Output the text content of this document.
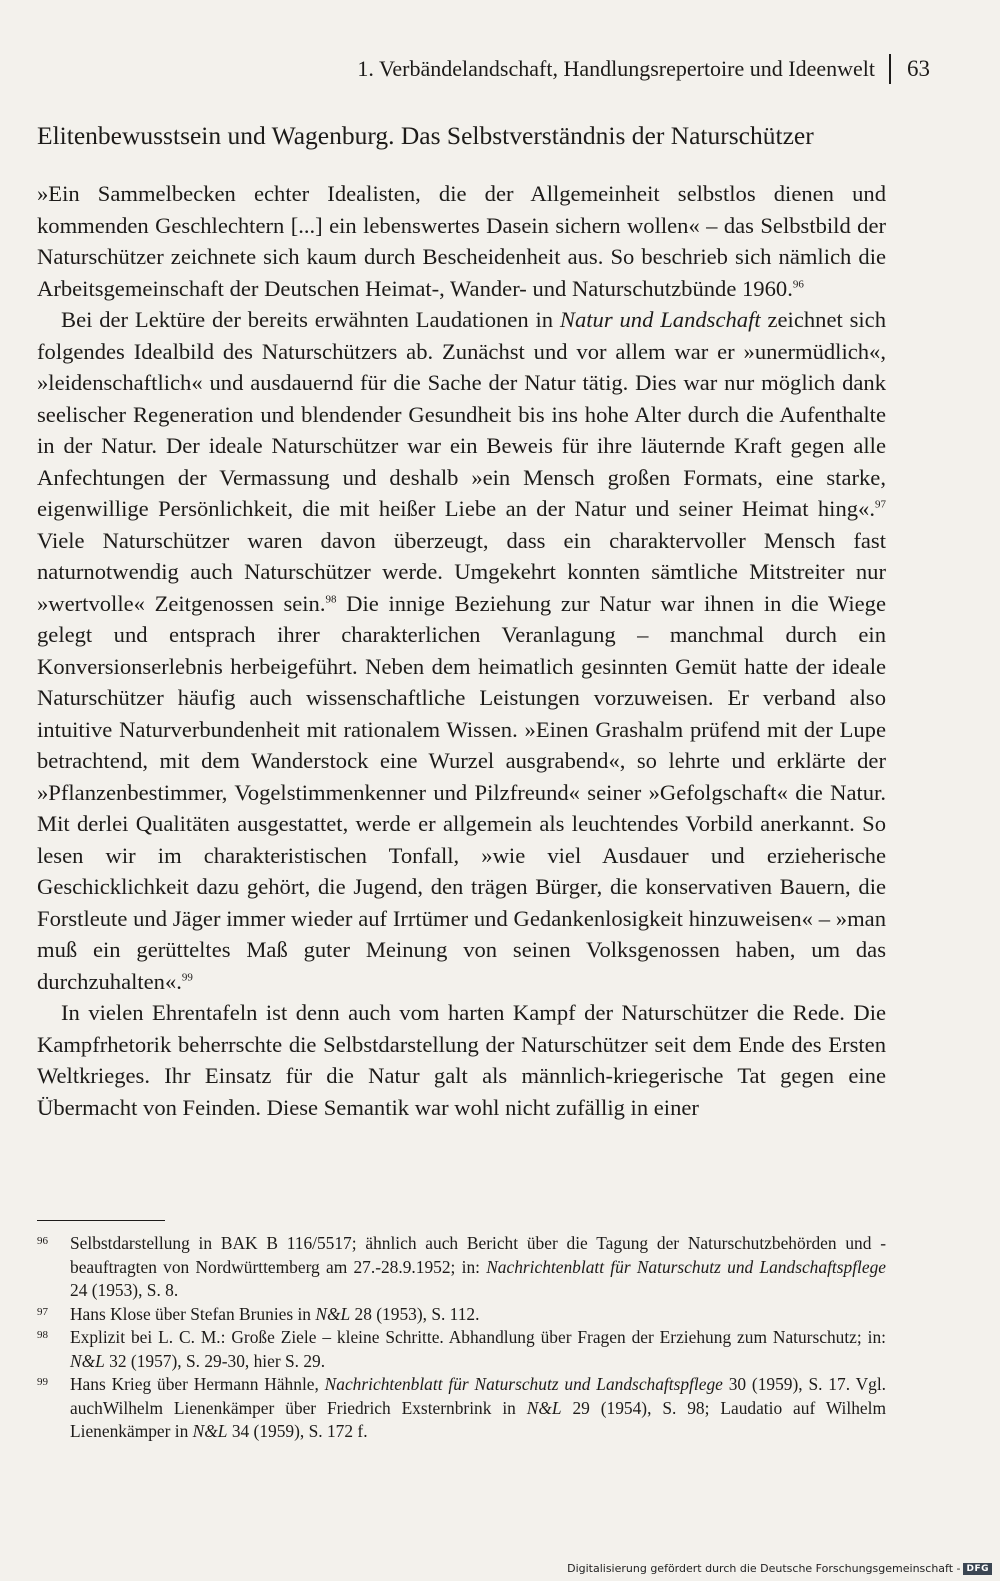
1. Verbändelandschaft, Handlungsrepertoire und Ideenwelt 63
Elitenbewusstsein und Wagenburg. Das Selbstverständnis der Naturschützer

»Ein Sammelbecken echter Idealisten, die der Allgemeinheit selbstlos dienen und kommenden Geschlechtern [...] ein lebenswertes Dasein sichern wollen« – das Selbstbild der Naturschützer zeichnete sich kaum durch Bescheidenheit aus. So beschrieb sich nämlich die Arbeitsgemeinschaft der Deutschen Heimat-, Wander- und Naturschutzbünde 1960.96

Bei der Lektüre der bereits erwähnten Laudationen in Natur und Landschaft zeichnet sich folgendes Idealbild des Naturschützers ab. Zunächst und vor allem war er »unermüdlich«, »leidenschaftlich« und ausdauernd für die Sache der Natur tätig. Dies war nur möglich dank seelischer Regeneration und blendender Gesundheit bis ins hohe Alter durch die Aufenthalte in der Natur. Der ideale Naturschützer war ein Beweis für ihre läuternde Kraft gegen alle Anfechtungen der Vermassung und deshalb »ein Mensch großen Formats, eine starke, eigenwillige Persönlichkeit, die mit heißer Liebe an der Natur und seiner Heimat hing«.$^{97}$ Viele Naturschützer waren davon überzeugt, dass ein charaktervoller Mensch fast naturnotwendig auch Naturschützer werde. Umgekehrt konnten sämtliche Mitstreiter nur »wertvolle« Zeitgenossen sein.$^{98}$ Die innige Beziehung zur Natur war ihnen in die Wiege gelegt und entsprach ihrer charakterlichen Veranlagung – manchmal durch ein Konversionserlebnis herbeigeführt. Neben dem heimatlich gesinnten Gemüt hatte der ideale Naturschützer häufig auch wissenschaftliche Leistungen vorzuweisen. Er verband also intuitive Naturverbundenheit mit rationalem Wissen. »Einen Grashalm prüfend mit der Lupe betrachtend, mit dem Wanderstock eine Wurzel ausgrabend«, so lehrte und erklärte der »Pflanzenbestimmer, Vogelstimmenkenner und Pilzfreund« seiner »Gefolgschaft« die Natur. Mit derlei Qualitäten ausgestattet, werde er allgemein als leuchtendes Vorbild anerkannt. So lesen wir im charakteristischen Tonfall, »wie viel Ausdauer und erzieherische Geschicklichkeit dazu gehört, die Jugend, den trägen Bürger, die konservativen Bauern, die Forstleute und Jäger immer wieder auf Irrtümer und Gedankenlosigkeit hinzuweisen« – »man muß ein gerütteltes Maß guter Meinung von seinen Volksgenossen haben, um das durchzuhalten«.$^{99}$

In vielen Ehrentafeln ist denn auch vom harten Kampf der Naturschützer die Rede. Die Kampfrhetorik beherrschte die Selbstdarstellung der Naturschützer seit dem Ende des Ersten Weltkrieges. Ihr Einsatz für die Natur galt als männlich-kriegerische Tat gegen eine Übermacht von Feinden. Diese Semantik war wohl nicht zufällig in einer

96	Selbstdarstellung in BAK B 116/5517; ähnlich auch Bericht über die Tagung der Naturschutzbehörden und -beauftragten von Nordwürttemberg am 27.-28.9.1952; in: Nachrichtenblatt für Naturschutz und Landschaftspflege 24 (1953), S. 8.

97	Hans Klose über Stefan Brunies in N&L 28 (1953), S. 112.

98	Explizit bei L. C. M.: Große Ziele – kleine Schritte. Abhandlung über Fragen der Erziehung zum Naturschutz; in: N&L 32 (1957), S. 29-30, hier S. 29.

99	Hans Krieg über Hermann Hähnle, Nachrichtenblatt für Naturschutz und Landschaftspflege 30 (1959), S. 17. Vgl. auchWilhelm Lienenkämper über Friedrich Exsternbrink in N&L 29 (1954), S. 98; Laudatio auf Wilhelm Lienenkämper in N&L 34 (1959), S. 172 f.

Digitalisierung gefördert durch die Deutsche Forschungsgemeinschaft - DFG
